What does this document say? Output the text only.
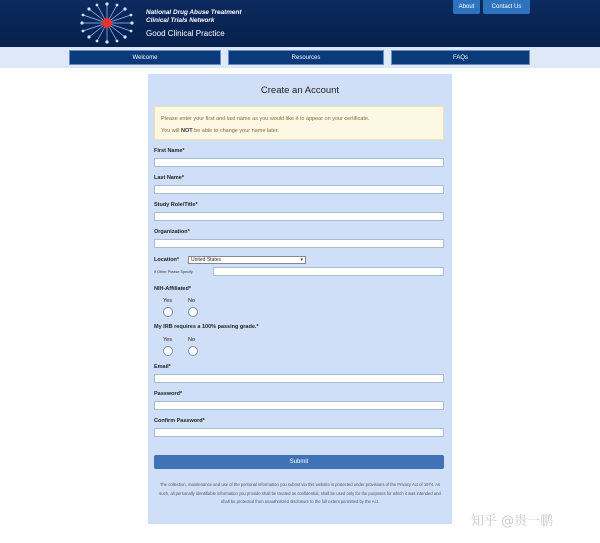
National Drug Abuse Treatment
Clinical Trials Network
Good Clinical Practice
About	Contact Us
Welcome	Resources	FAQs
Create an Account
Please enter your first and last name as you would like it to appear on your certificate.
You will NOT be able to change your name later.
First Name*
Last Name*
Study Role/Title*
Organization*
Location*	United States	▾
If Other Please Specify
NIH-Affiliated*
Yes	No
My IRB requires a 100% passing grade.*
Yes	No
Email*
Password*
Confirm Password*
Submit
The collection, maintenance and use of the personal information you submit via this website is protected under provisions of the Privacy Act of 1974. As such, all personally identifiable information you provide shall be treated as confidential, shall be used only for the purposes for which it was intended and shall be protected from unauthorized disclosure to the full extent permitted by the Act.
知乎 @贵一鹏
